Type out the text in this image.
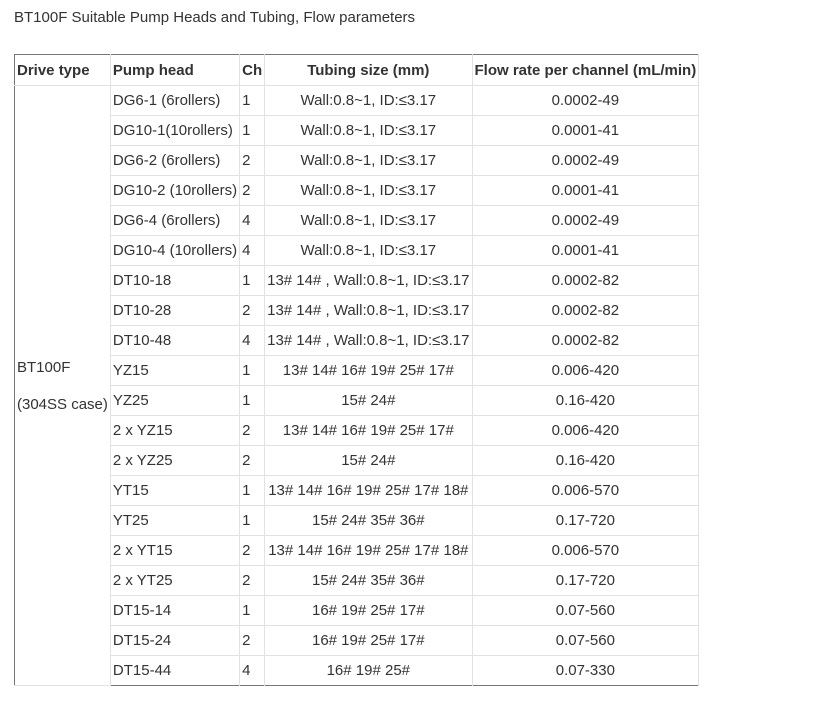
BT100F Suitable Pump Heads and Tubing, Flow parameters
Drive type	Pump head	Ch	Tubing size (mm)	Flow rate per channel (mL/min)

BT100F
(304SS case)	DG6-1 (6rollers)	1	Wall:0.8~1, ID:≤3.17	0.0002-49
	DG10-1(10rollers)	1	Wall:0.8~1, ID:≤3.17	0.0001-41
	DG6-2 (6rollers)	2	Wall:0.8~1, ID:≤3.17	0.0002-49
	DG10-2 (10rollers)	2	Wall:0.8~1, ID:≤3.17	0.0001-41
	DG6-4 (6rollers)	4	Wall:0.8~1, ID:≤3.17	0.0002-49
	DG10-4 (10rollers)	4	Wall:0.8~1, ID:≤3.17	0.0001-41
	DT10-18	1	13# 14# , Wall:0.8~1, ID:≤3.17	0.0002-82
	DT10-28	2	13# 14# , Wall:0.8~1, ID:≤3.17	0.0002-82
	DT10-48	4	13# 14# , Wall:0.8~1, ID:≤3.17	0.0002-82
	YZ15	1	13# 14# 16# 19# 25# 17#	0.006-420
	YZ25	1	15# 24#	0.16-420
	2 x YZ15	2	13# 14# 16# 19# 25# 17#	0.006-420
	2 x YZ25	2	15# 24#	0.16-420
	YT15	1	13# 14# 16# 19# 25# 17# 18#	0.006-570
	YT25	1	15# 24# 35# 36#	0.17-720
	2 x YT15	2	13# 14# 16# 19# 25# 17# 18#	0.006-570
	2 x YT25	2	15# 24# 35# 36#	0.17-720
	DT15-14	1	16# 19# 25# 17#	0.07-560
	DT15-24	2	16# 19# 25# 17#	0.07-560
	DT15-44	4	16# 19# 25#	0.07-330
